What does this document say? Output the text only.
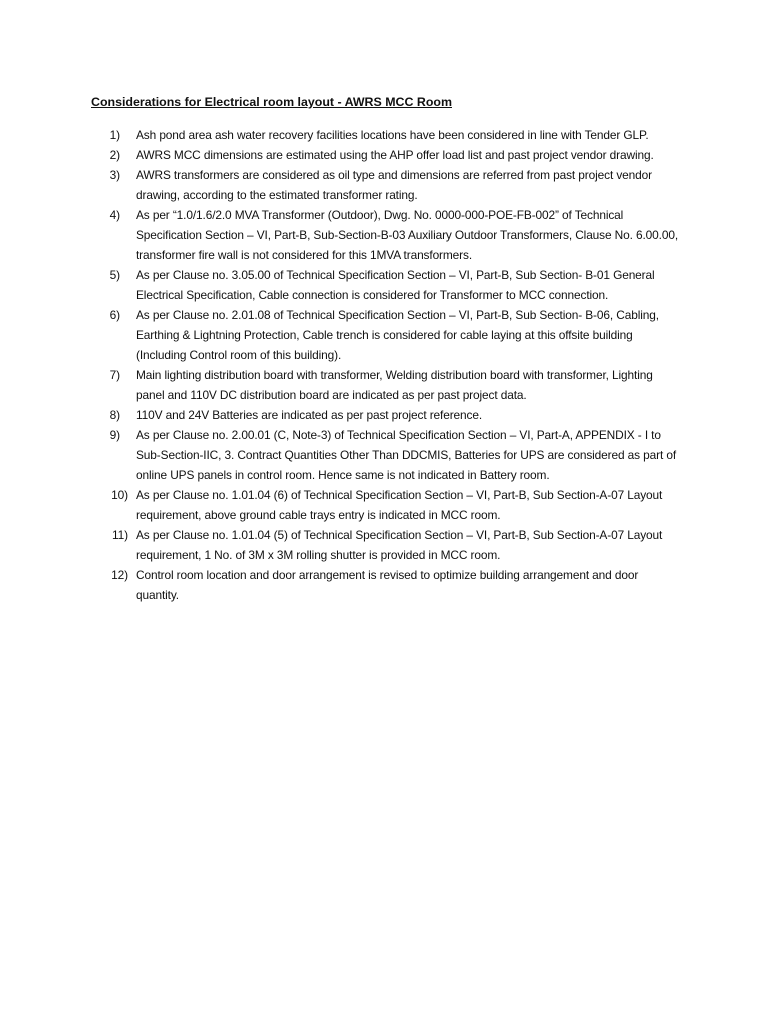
Considerations for Electrical room layout - AWRS MCC Room
1) Ash pond area ash water recovery facilities locations have been considered in line with Tender GLP.
2) AWRS MCC dimensions are estimated using the AHP offer load list and past project vendor drawing.
3) AWRS transformers are considered as oil type and dimensions are referred from past project vendor drawing, according to the estimated transformer rating.
4) As per “1.0/1.6/2.0 MVA Transformer (Outdoor), Dwg. No. 0000-000-POE-FB-002” of Technical Specification Section – VI, Part-B, Sub-Section-B-03 Auxiliary Outdoor Transformers, Clause No. 6.00.00, transformer fire wall is not considered for this 1MVA transformers.
5) As per Clause no. 3.05.00 of Technical Specification Section – VI, Part-B, Sub Section- B-01 General Electrical Specification, Cable connection is considered for Transformer to MCC connection.
6) As per Clause no. 2.01.08 of Technical Specification Section – VI, Part-B, Sub Section- B-06, Cabling, Earthing & Lightning Protection, Cable trench is considered for cable laying at this offsite building (Including Control room of this building).
7) Main lighting distribution board with transformer, Welding distribution board with transformer, Lighting panel and 110V DC distribution board are indicated as per past project data.
8) 110V and 24V Batteries are indicated as per past project reference.
9) As per Clause no. 2.00.01 (C, Note-3) of Technical Specification Section – VI, Part-A, APPENDIX - I to Sub-Section-IIC, 3. Contract Quantities Other Than DDCMIS, Batteries for UPS are considered as part of online UPS panels in control room. Hence same is not indicated in Battery room.
10) As per Clause no. 1.01.04 (6) of Technical Specification Section – VI, Part-B, Sub Section-A-07 Layout requirement, above ground cable trays entry is indicated in MCC room.
11) As per Clause no. 1.01.04 (5) of Technical Specification Section – VI, Part-B, Sub Section-A-07 Layout requirement, 1 No. of 3M x 3M rolling shutter is provided in MCC room.
12) Control room location and door arrangement is revised to optimize building arrangement and door quantity.
